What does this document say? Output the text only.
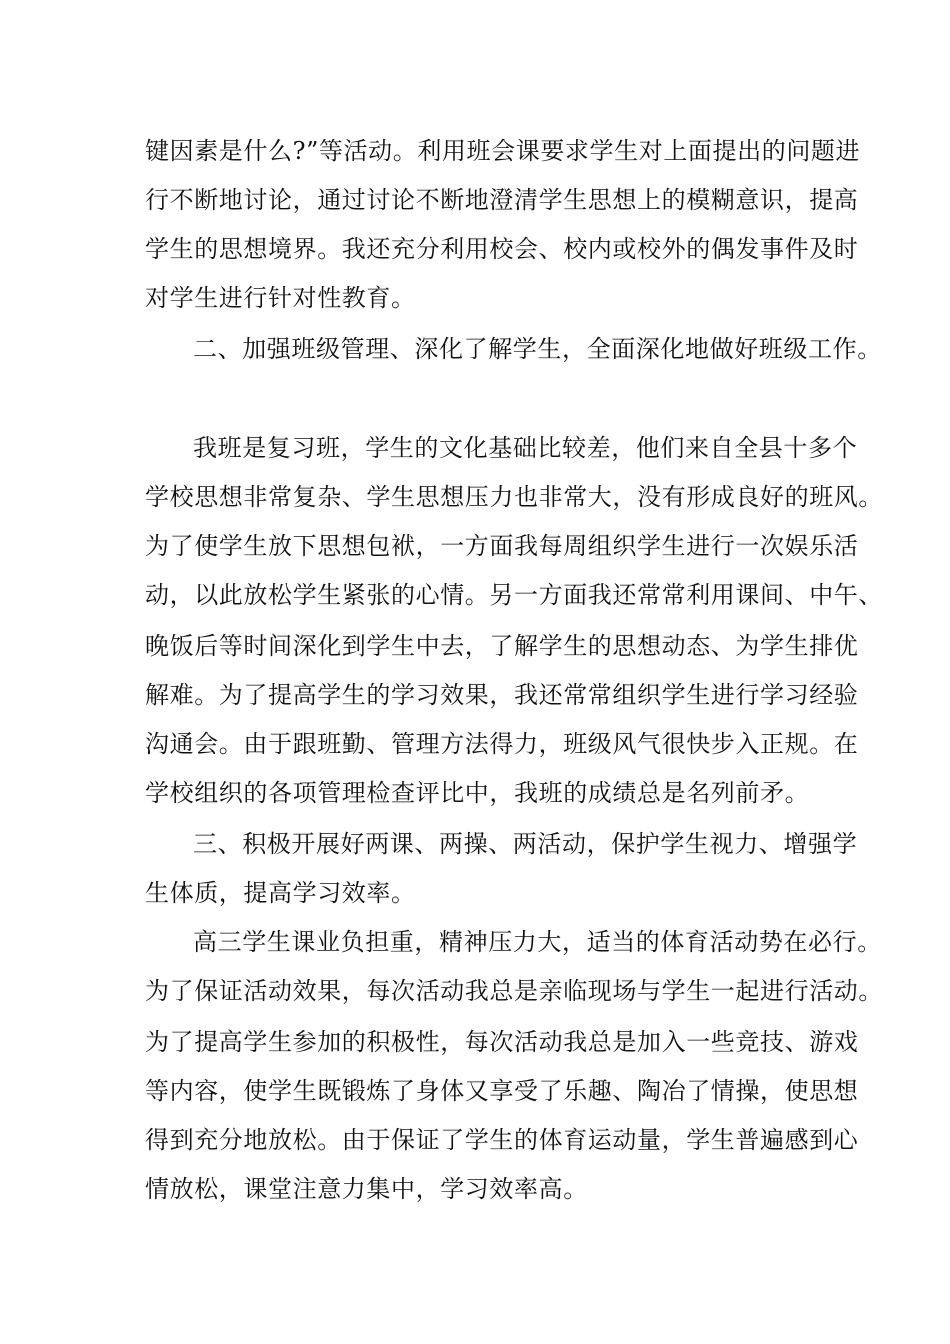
键因素是什么?”等活动。利用班会课要求学生对上面提出的问题进
行不断地讨论，通过讨论不断地澄清学生思想上的模糊意识，提高
学生的思想境界。我还充分利用校会、校内或校外的偶发事件及时
对学生进行针对性教育。
二、加强班级管理、深化了解学生，全面深化地做好班级工作。
我班是复习班，学生的文化基础比较差，他们来自全县十多个
学校思想非常复杂、学生思想压力也非常大，没有形成良好的班风。
为了使学生放下思想包袱，一方面我每周组织学生进行一次娱乐活
动，以此放松学生紧张的心情。另一方面我还常常利用课间、中午、
晚饭后等时间深化到学生中去，了解学生的思想动态、为学生排优
解难。为了提高学生的学习效果，我还常常组织学生进行学习经验
沟通会。由于跟班勤、管理方法得力，班级风气很快步入正规。在
学校组织的各项管理检查评比中，我班的成绩总是名列前矛。
三、积极开展好两课、两操、两活动，保护学生视力、增强学
生体质，提高学习效率。
高三学生课业负担重，精神压力大，适当的体育活动势在必行。
为了保证活动效果，每次活动我总是亲临现场与学生一起进行活动。
为了提高学生参加的积极性，每次活动我总是加入一些竞技、游戏
等内容，使学生既锻炼了身体又享受了乐趣、陶冶了情操，使思想
得到充分地放松。由于保证了学生的体育运动量，学生普遍感到心
情放松，课堂注意力集中，学习效率高。
